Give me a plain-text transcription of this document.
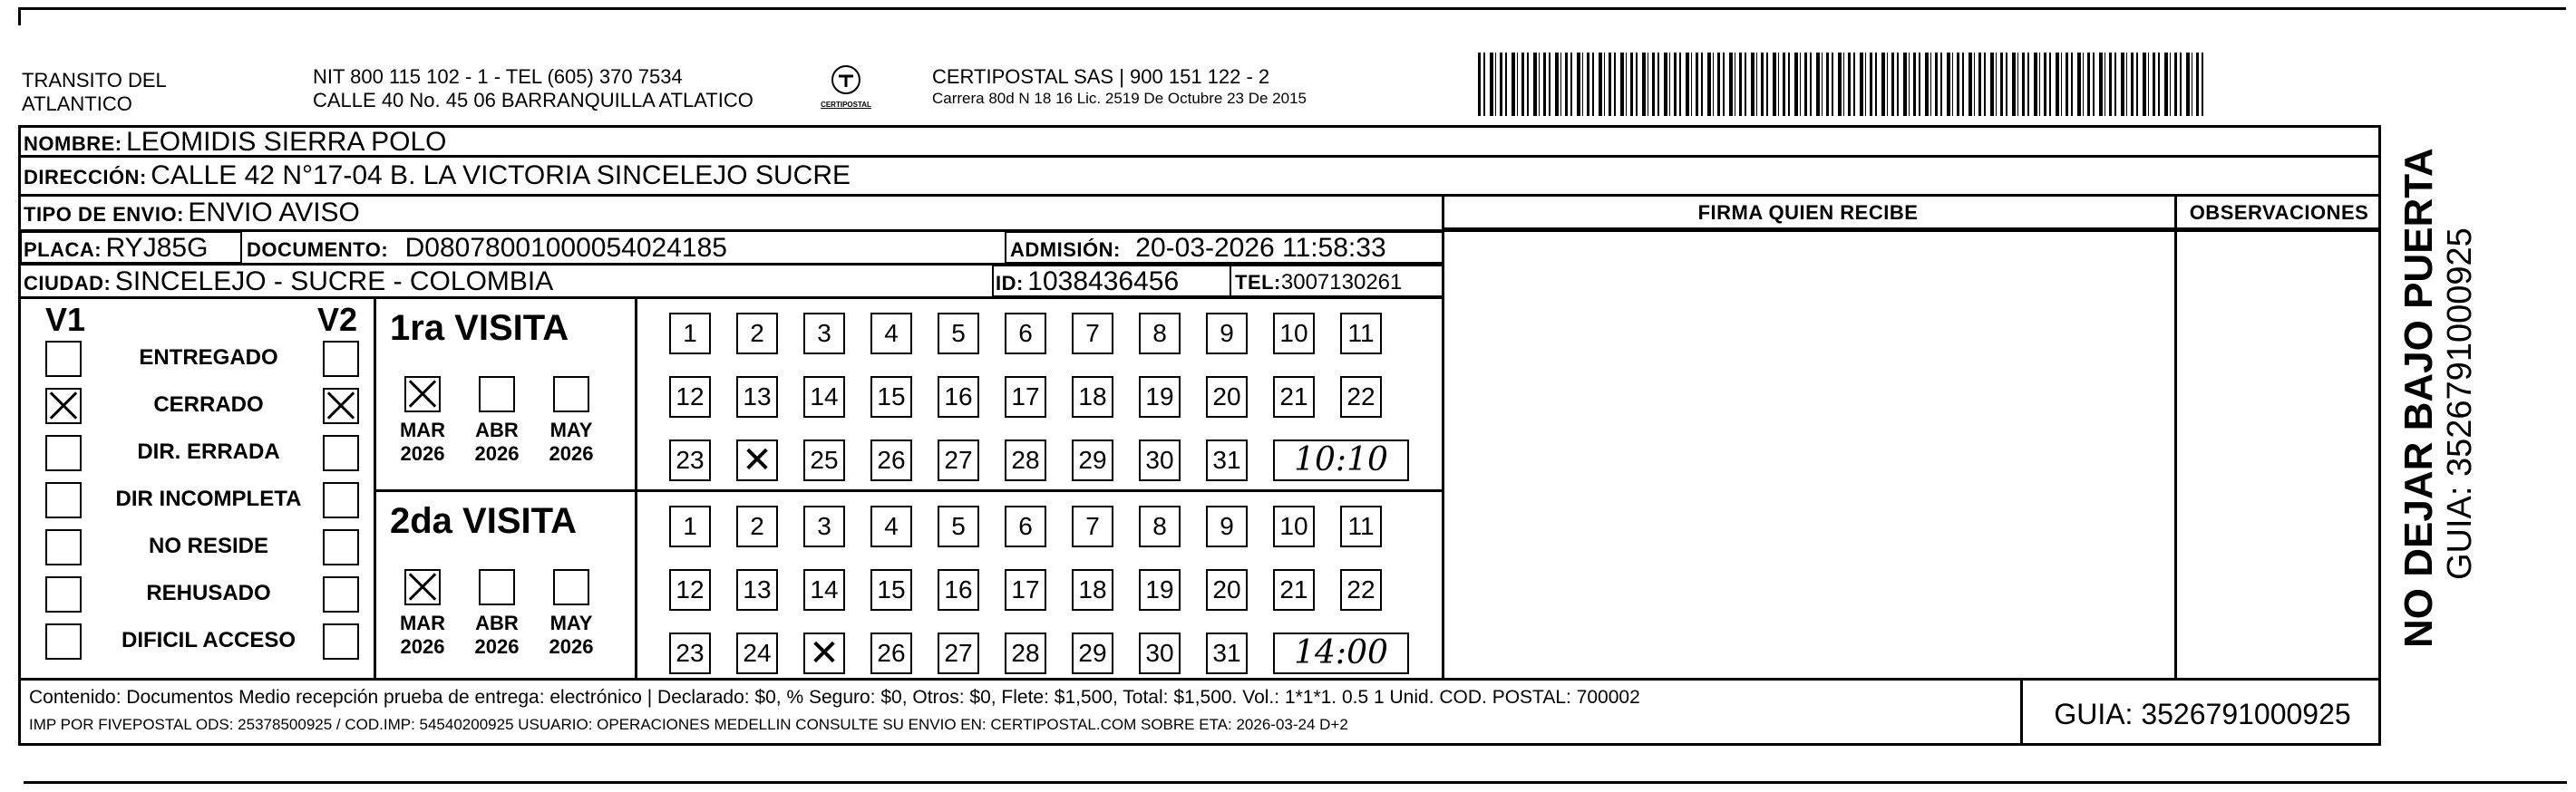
TRANSITO DEL
ATLANTICO
NIT 800 115 102 - 1 - TEL (605) 370 7534
CALLE 40 No. 45 06 BARRANQUILLA ATLATICO	CERTIPOSTAL
CERTIPOSTAL SAS | 900 151 122 - 2
Carrera 80d N 18 16 Lic. 2519 De Octubre 23 De 2015
NOMBRE: LEOMIDIS SIERRA POLO
DIRECCIÓN: CALLE 42 N°17-04 B. LA VICTORIA SINCELEJO SUCRE
TIPO DE ENVIO: ENVIO AVISO	FIRMA QUIEN RECIBE	OBSERVACIONES
PLACA: RYJ85G DOCUMENTO: D0807800100005402418​5	ADMISIÓN: 20-03-2026 11:58:33
CIUDAD: SINCELEJO - SUCRE - COLOMBIA	ID: 1038436456	TEL:3007130261
V1	V2
ENTREGADO
CERRADO
DIR. ERRADA
DIR INCOMPLETA
NO RESIDE
REHUSADO
DIFICIL ACCESO
1ra VISITA
MAR
2026
ABR
2026
MAY
2026
1	2	3	4	5	6	7	8	9	10	11
12 13 14 15 16 17 18 19 20 21 22
23 ✕	25 26 27 28 29 30 31	10:10
2da VISITA
MAR
2026
ABR
2026
MAY
2026
1	2	3	4	5	6	7	8	9	10	11
12 13 14 15 16 17 18 19 20 21 22
23 24 ✕	26 27 28 29 30 31	14:00
Contenido: Documentos Medio recepción prueba de entrega: electrónico | Declarado: $0, % Seguro: $0, Otros: $0, Flete: $1,500, Total: $1,500. Vol.: 1*1*1. 0.5 1 Unid. COD. POSTAL: 700002
IMP POR FIVEPOSTAL ODS: 25378500925 / COD.IMP: 54540200925 USUARIO: OPERACIONES MEDELLIN CONSULTE SU ENVIO EN: CERTIPOSTAL.COM SOBRE ETA: 2026-03-24 D+2	GUIA: 3526791000925
NO DEJAR BAJO PUERTA GUIA: 3526791000925
